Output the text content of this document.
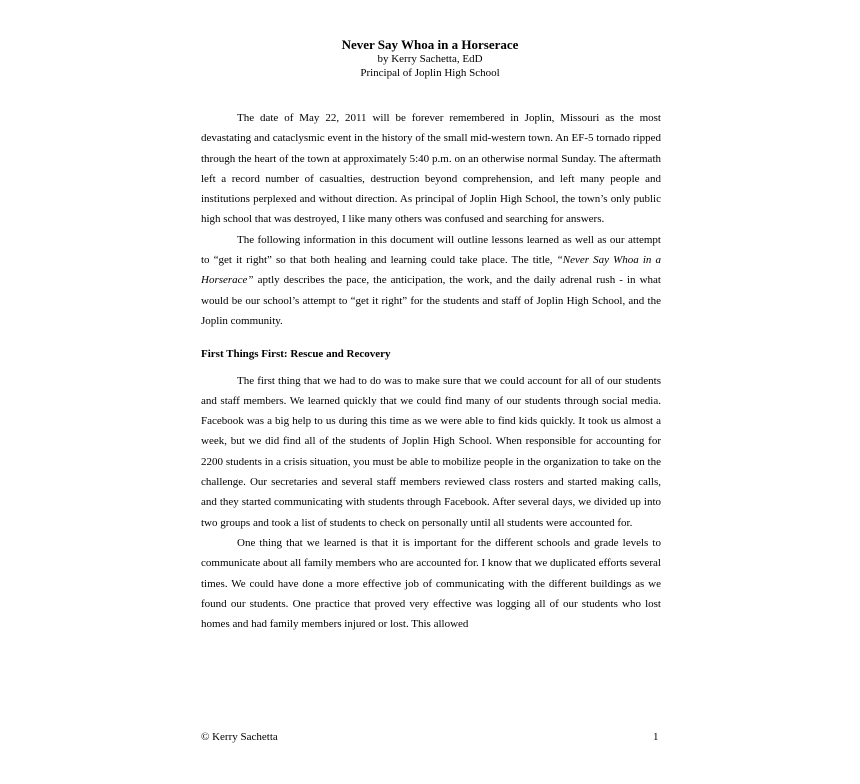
Never Say Whoa in a Horserace
by Kerry Sachetta, EdD
Principal of Joplin High School

The date of May 22, 2011 will be forever remembered in Joplin, Missouri as the most devastating and cataclysmic event in the history of the small mid-western town. An EF-5 tornado ripped through the heart of the town at approximately 5:40 p.m. on an otherwise normal Sunday. The aftermath left a record number of casualties, destruction beyond comprehension, and left many people and institutions perplexed and without direction. As principal of Joplin High School, the town’s only public high school that was destroyed, I like many others was confused and searching for answers.

The following information in this document will outline lessons learned as well as our attempt to “get it right” so that both healing and learning could take place. The title, “Never Say Whoa in a Horserace” aptly describes the pace, the anticipation, the work, and the daily adrenal rush - in what would be our school’s attempt to “get it right” for the students and staff of Joplin High School, and the Joplin community.

First Things First: Rescue and Recovery

The first thing that we had to do was to make sure that we could account for all of our students and staff members. We learned quickly that we could find many of our students through social media. Facebook was a big help to us during this time as we were able to find kids quickly. It took us almost a week, but we did find all of the students of Joplin High School. When responsible for accounting for 2200 students in a crisis situation, you must be able to mobilize people in the organization to take on the challenge. Our secretaries and several staff members reviewed class rosters and started making calls, and they started communicating with students through Facebook. After several days, we divided up into two groups and took a list of students to check on personally until all students were accounted for.

One thing that we learned is that it is important for the different schools and grade levels to communicate about all family members who are accounted for. I know that we duplicated efforts several times. We could have done a more effective job of communicating with the different buildings as we found our students. One practice that proved very effective was logging all of our students who lost homes and had family members injured or lost. This allowed

© Kerry Sachetta	1
